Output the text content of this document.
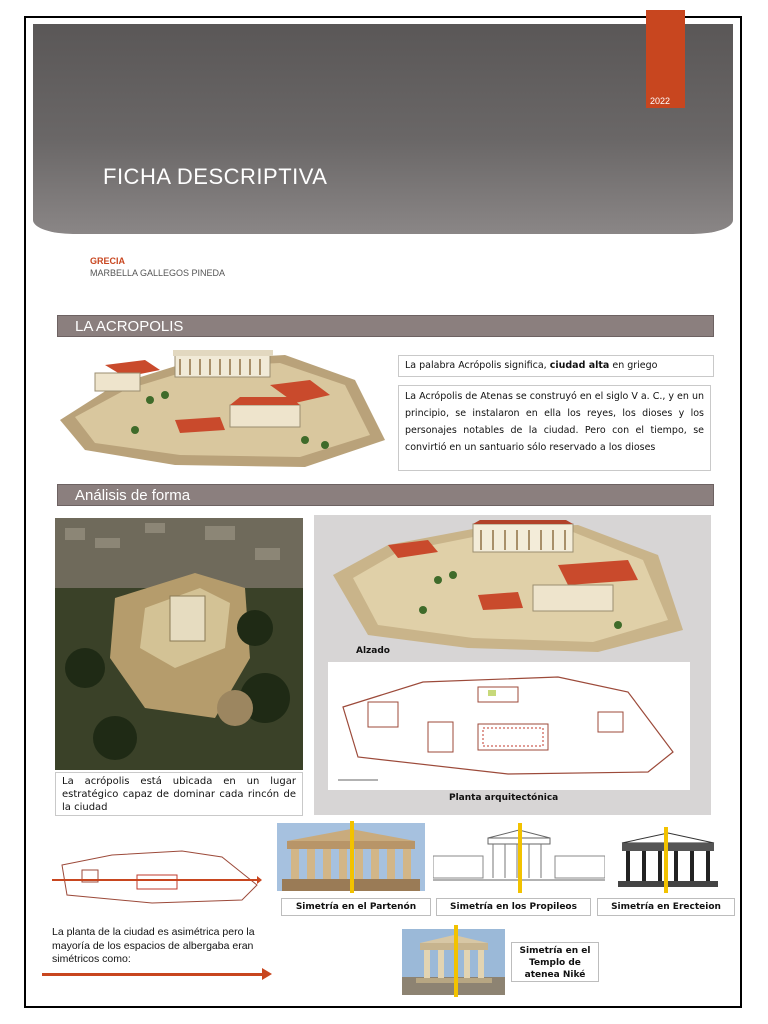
FICHA DESCRIPTIVA
2022
GRECIA
MARBELLA GALLEGOS PINEDA
LA ACROPOLIS
La palabra Acrópolis significa, ciudad alta en griego
La Acrópolis de Atenas se construyó en el siglo V a. C., y en un principio, se instalaron en ella los reyes, los dioses y los personajes notables de la ciudad. Pero con el tiempo, se convirtió en un santuario sólo reservado a los dioses
Análisis de forma
La acrópolis está ubicada en un lugar estratégico capaz de dominar cada rincón de la ciudad
Alzado
Planta arquitectónica
La planta de la ciudad es asimétrica pero la mayoría de los espacios de albergaba eran simétricos como:
Simetría en el Partenón	Simetría en los Propileos	Simetría en Erecteion
Simetría en el Templo de atenea Niké
